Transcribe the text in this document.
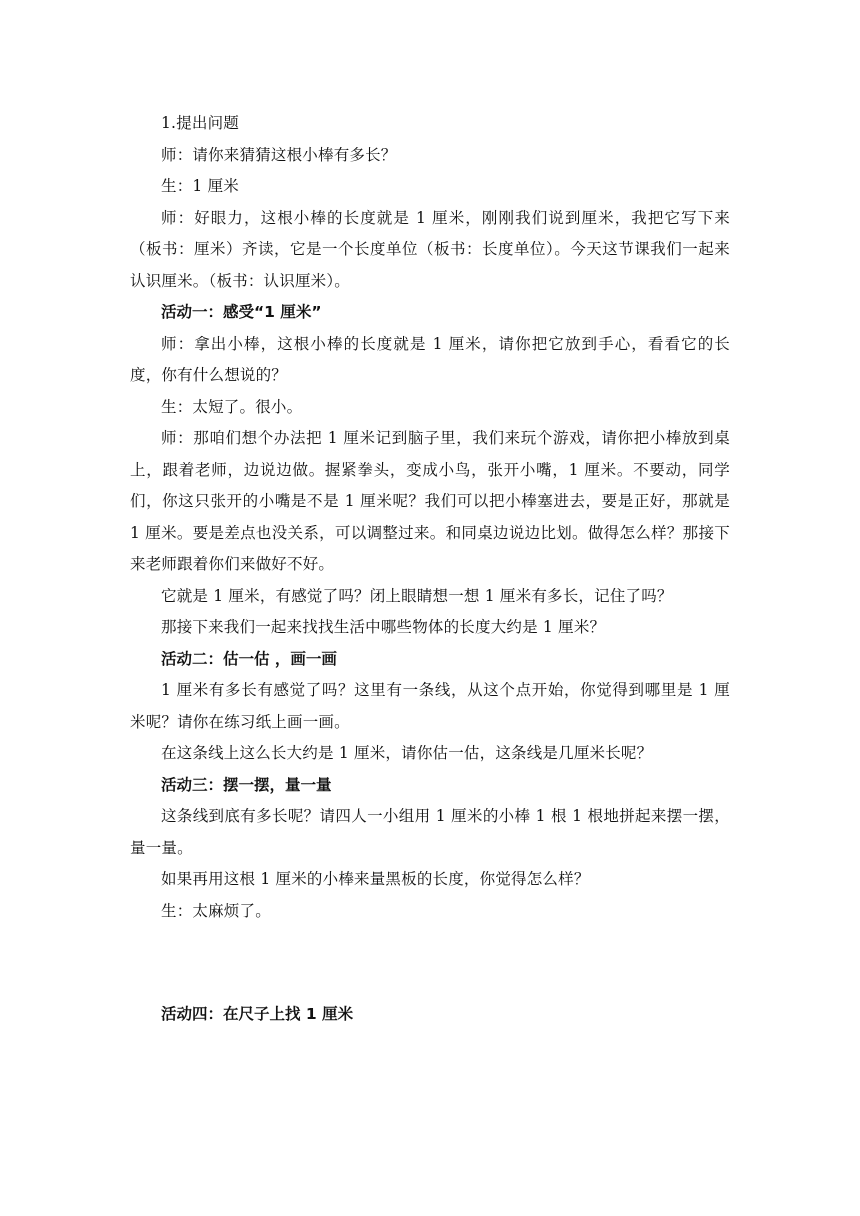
1.提出问题

师：请你来猜猜这根小棒有多长？

生：1 厘米

师：好眼力，这根小棒的长度就是 1 厘米，刚刚我们说到厘米，我把它写下来（板书：厘米）齐读，它是一个长度单位（板书：长度单位）。今天这节课我们一起来认识厘米。（板书：认识厘米）。

活动一：感受“1 厘米”

师：拿出小棒，这根小棒的长度就是 1 厘米，请你把它放到手心，看看它的长度，你有什么想说的？

生：太短了。很小。

师：那咱们想个办法把 1 厘米记到脑子里，我们来玩个游戏，请你把小棒放到桌上，跟着老师，边说边做。握紧拳头，变成小鸟，张开小嘴，1 厘米。不要动，同学们，你这只张开的小嘴是不是 1 厘米呢？我们可以把小棒塞进去，要是正好，那就是 1 厘米。要是差点也没关系，可以调整过来。和同桌边说边比划。做得怎么样？那接下来老师跟着你们来做好不好。

它就是 1 厘米，有感觉了吗？闭上眼睛想一想 1 厘米有多长，记住了吗？

那接下来我们一起来找找生活中哪些物体的长度大约是 1 厘米？

活动二：估一估 ，画一画

1 厘米有多长有感觉了吗？这里有一条线，从这个点开始，你觉得到哪里是 1 厘米呢？请你在练习纸上画一画。

在这条线上这么长大约是 1 厘米，请你估一估，这条线是几厘米长呢？

活动三：摆一摆，量一量

这条线到底有多长呢？请四人一小组用 1 厘米的小棒 1 根 1 根地拼起来摆一摆，量一量。

如果再用这根 1 厘米的小棒来量黑板的长度，你觉得怎么样？

生：太麻烦了。

活动四：在尺子上找 1 厘米
